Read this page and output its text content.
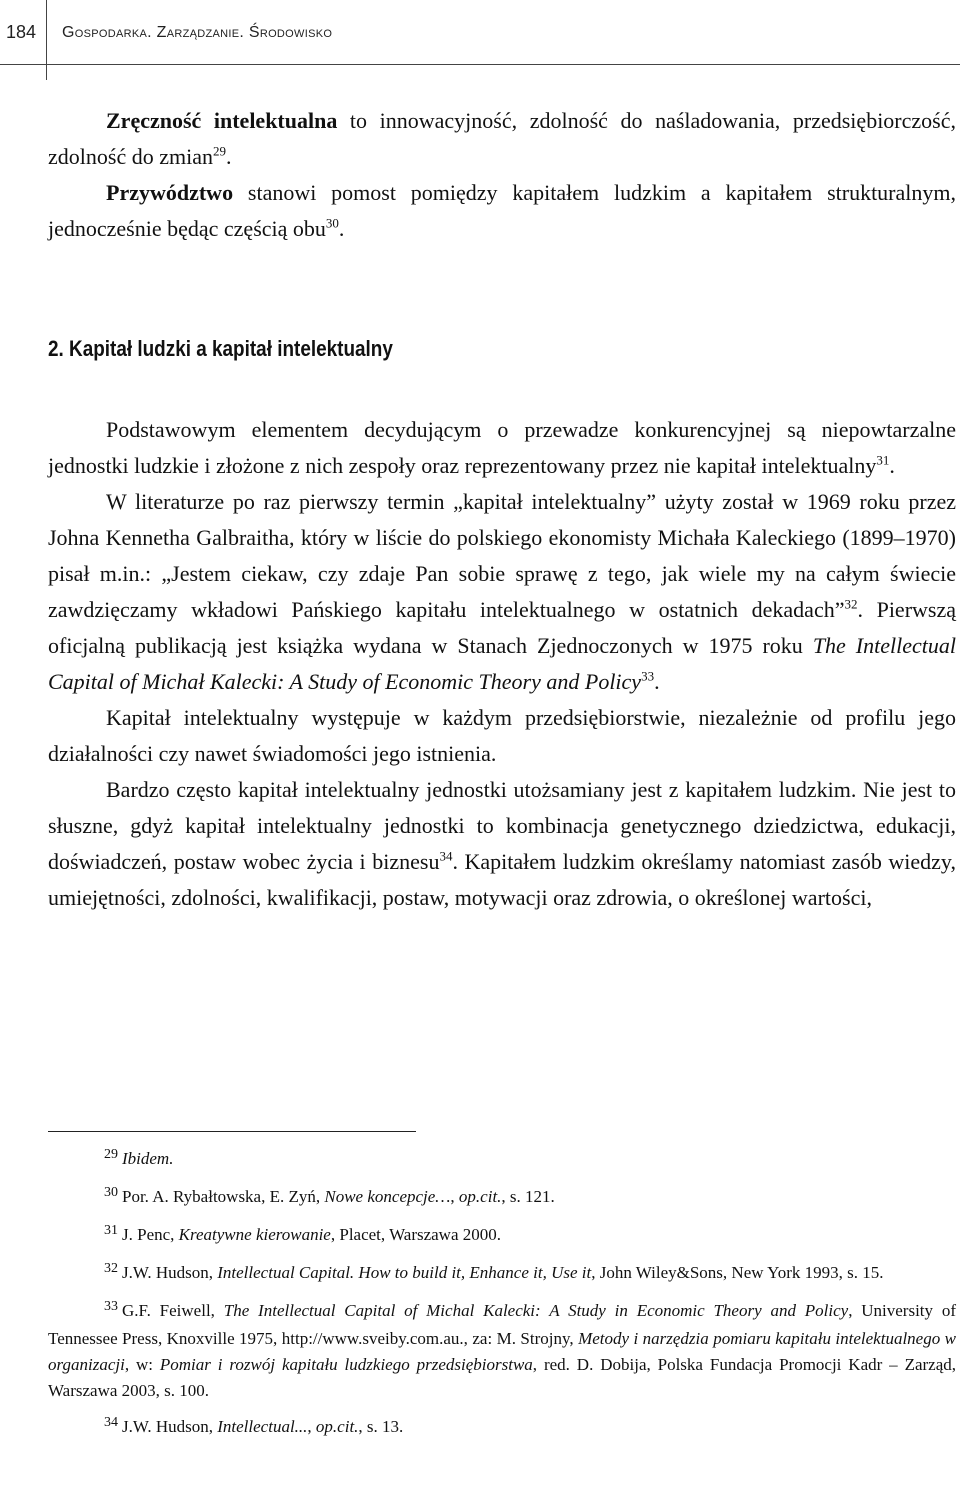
184 Gospodarka. Zarządzanie. Środowisko

Zręczność intelektualna to innowacyjność, zdolność do naśladowania, przedsiębiorczość, zdolność do zmian$^{29}$.

Przywództwo stanowi pomost pomiędzy kapitałem ludzkim a kapitałem strukturalnym, jednocześnie będąc częścią obu$^{30}$.

2. Kapitał ludzki a kapitał intelektualny

Podstawowym elementem decydującym o przewadze konkurencyjnej są niepowtarzalne jednostki ludzkie i złożone z nich zespoły oraz reprezentowany przez nie kapitał intelektualny$^{31}$.

W literaturze po raz pierwszy termin „kapitał intelektualny” użyty został w 1969 roku przez Johna Kennetha Galbraitha, który w liście do polskiego ekonomisty Michała Kaleckiego (1899–1970) pisał m.in.: „Jestem ciekaw, czy zdaje Pan sobie sprawę z tego, jak wiele my na całym świecie zawdzięczamy wkładowi Pańskiego kapitału intelektualnego w ostatnich dekadach”$^{32}$. Pierwszą oficjalną publikacją jest książka wydana w Stanach Zjednoczonych w 1975 roku The Intellectual Capital of Michał Kalecki: A Study of Economic Theory and Policy$^{33}$.

Kapitał intelektualny występuje w każdym przedsiębiorstwie, niezależnie od profilu jego działalności czy nawet świadomości jego istnienia.

Bardzo często kapitał intelektualny jednostki utożsamiany jest z kapitałem ludzkim. Nie jest to słuszne, gdyż kapitał intelektualny jednostki to kombinacja genetycznego dziedzictwa, edukacji, doświadczeń, postaw wobec życia i biznesu$^{34}$. Kapitałem ludzkim określamy natomiast zasób wiedzy, umiejętności, zdolności, kwalifikacji, postaw, motywacji oraz zdrowia, o określonej wartości,

29 Ibidem.

30 Por. A. Rybałtowska, E. Zyń, Nowe koncepcje…, op.cit., s. 121.

31 J. Penc, Kreatywne kierowanie, Placet, Warszawa 2000.

32 J.W. Hudson, Intellectual Capital. How to build it, Enhance it, Use it, John Wiley&Sons, New York 1993, s. 15.

33 G.F. Feiwell, The Intellectual Capital of Michal Kalecki: A Study in Economic Theory and Policy, University of Tennessee Press, Knoxville 1975, http://www.sveiby.com.au., za: M. Strojny, Metody i narzędzia pomiaru kapitału intelektualnego w organizacji, w: Pomiar i rozwój kapitału ludzkiego przedsiębiorstwa, red. D. Dobija, Polska Fundacja Promocji Kadr – Zarząd, Warszawa 2003, s. 100.

34 J.W. Hudson, Intellectual..., op.cit., s. 13.
